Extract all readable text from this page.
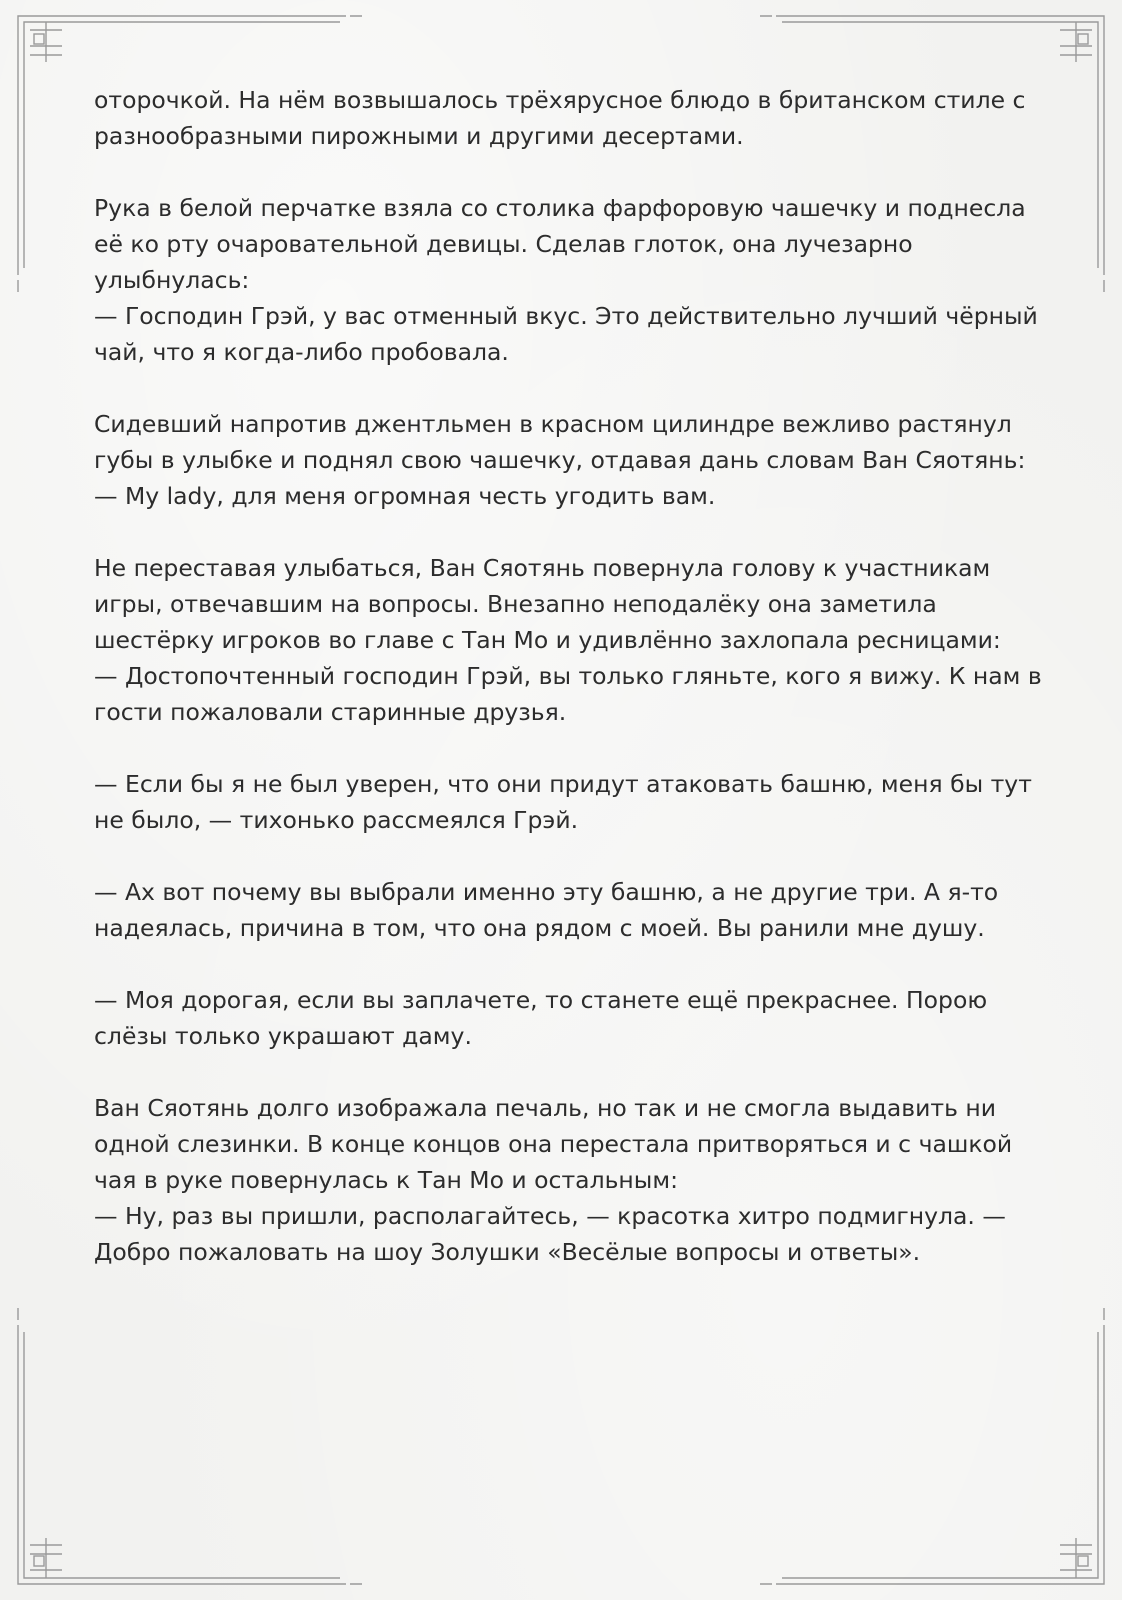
оторочкой. На нём возвышалось трёхярусное блюдо в британском стиле с
разнообразными пирожными и другими десертами.

Рука в белой перчатке взяла со столика фарфоровую чашечку и поднесла
её ко рту очаровательной девицы. Сделав глоток, она лучезарно
улыбнулась:
— Господин Грэй, у вас отменный вкус. Это действительно лучший чёрный
чай, что я когда-либо пробовала.

Сидевший напротив джентльмен в красном цилиндре вежливо растянул
губы в улыбке и поднял свою чашечку, отдавая дань словам Ван Сяотянь:
— My lady, для меня огромная честь угодить вам.

Не переставая улыбаться, Ван Сяотянь повернула голову к участникам
игры, отвечавшим на вопросы. Внезапно неподалёку она заметила
шестёрку игроков во главе с Тан Мо и удивлённо захлопала ресницами:
— Достопочтенный господин Грэй, вы только гляньте, кого я вижу. К нам в
гости пожаловали старинные друзья.

— Если бы я не был уверен, что они придут атаковать башню, меня бы тут
не было, — тихонько рассмеялся Грэй.

— Ах вот почему вы выбрали именно эту башню, а не другие три. А я-то
надеялась, причина в том, что она рядом с моей. Вы ранили мне душу.

— Моя дорогая, если вы заплачете, то станете ещё прекраснее. Порою
слёзы только украшают даму.

Ван Сяотянь долго изображала печаль, но так и не смогла выдавить ни
одной слезинки. В конце концов она перестала притворяться и с чашкой
чая в руке повернулась к Тан Мо и остальным:
— Ну, раз вы пришли, располагайтесь, — красотка хитро подмигнула. —
Добро пожаловать на шоу Золушки «Весёлые вопросы и ответы».
